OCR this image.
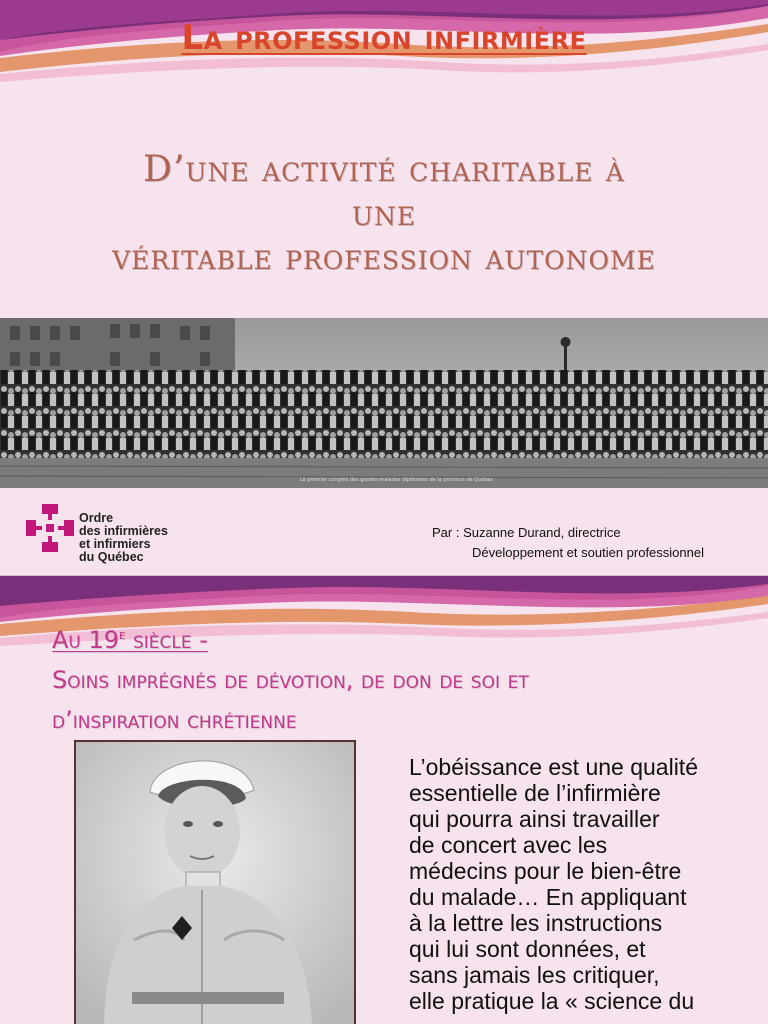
La profession infirmière
D’une activité charitable à
une
véritable profession autonome
Le premier congrès des gardes-malades diplômées de la province de Québec
Ordre
des infirmières
et infirmiers
du Québec
Par : Suzanne Durand, directrice
Développement et soutien professionnel
Au 19e siècle -
Soins imprégnés de dévotion, de don de soi et
d’inspiration chrétienne
L’obéissance est une qualité
essentielle de l’infirmière
qui pourra ainsi travailler
de concert avec les
médecins pour le bien-être
du malade… En appliquant
à la lettre les instructions
qui lui sont données, et
sans jamais les critiquer,
elle pratique la « science du
